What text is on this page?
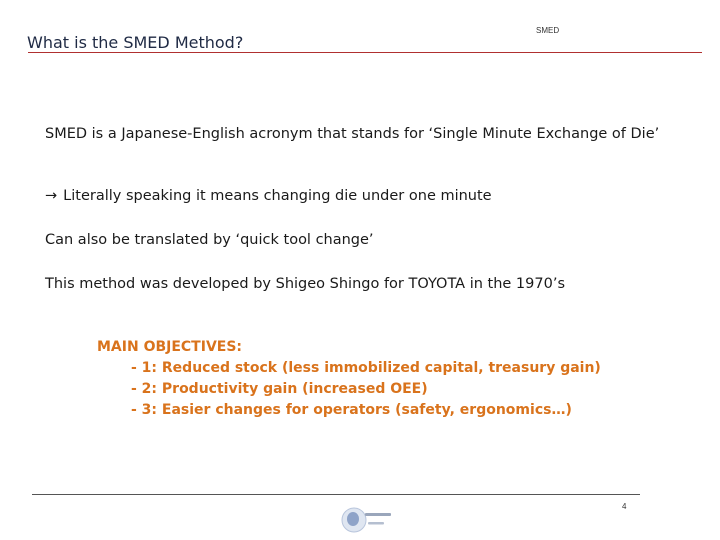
What is the SMED Method?
SMED
SMED is a Japanese-English acronym that stands for ‘Single Minute Exchange of Die’
→ Literally speaking it means changing die under one minute
Can also be translated by ‘quick tool change’
This method was developed by Shigeo Shingo for TOYOTA in the 1970’s
MAIN OBJECTIVES:
- 1: Reduced stock (less immobilized capital, treasury gain)
- 2: Productivity gain (increased OEE)
- 3: Easier changes for operators (safety, ergonomics…)
4
